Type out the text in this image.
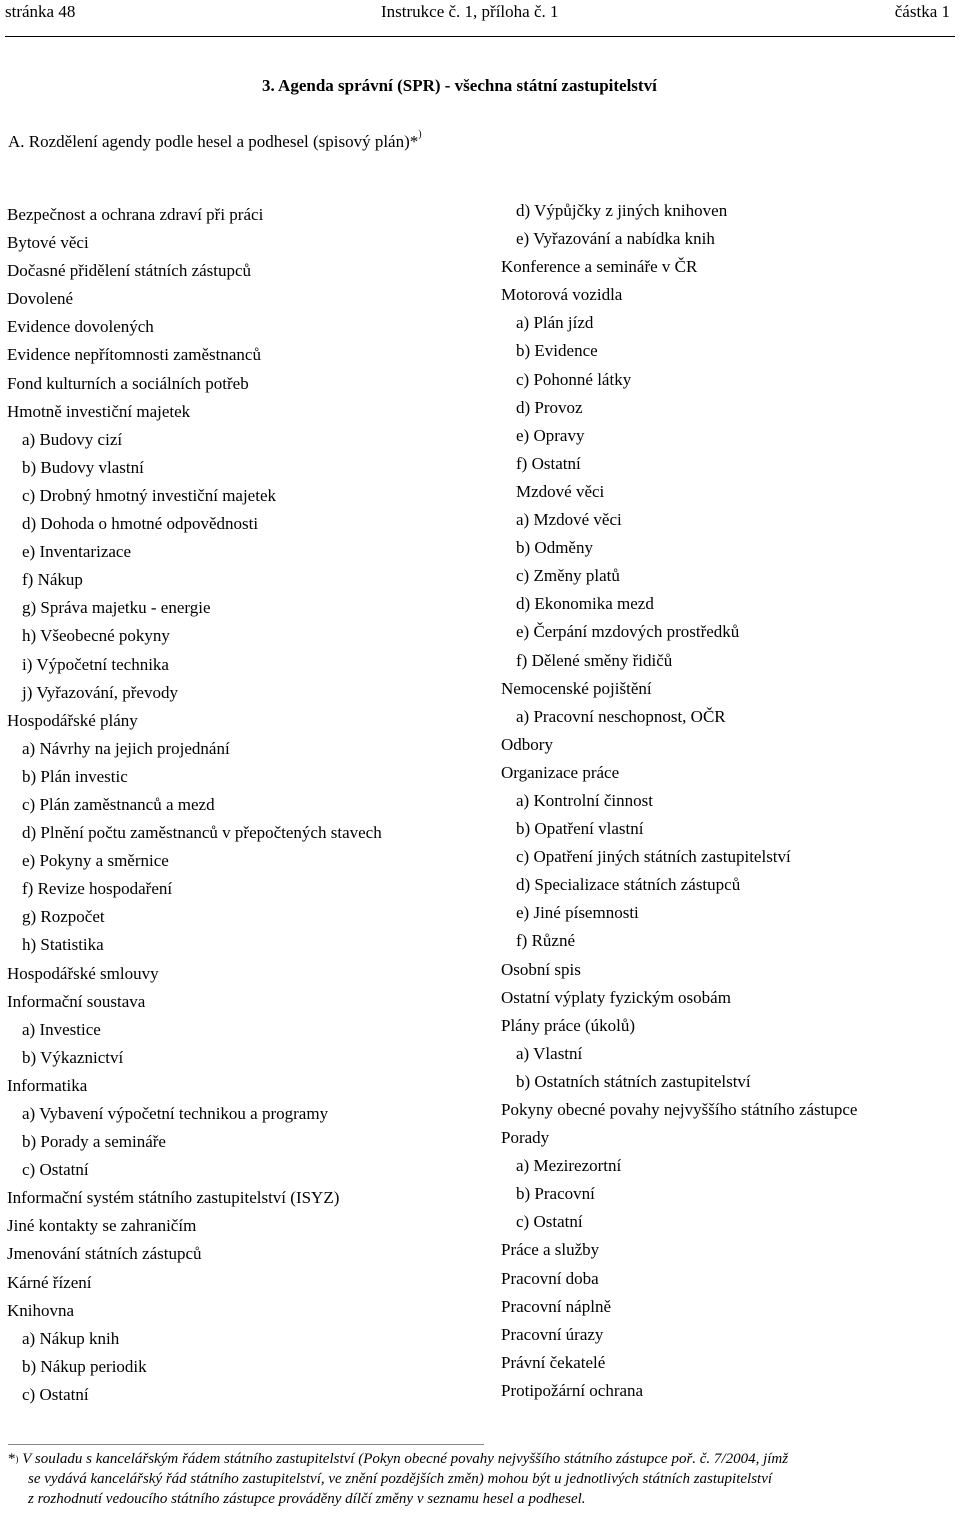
stránka 48	Instrukce č. 1, příloha č. 1	částka 1
3. Agenda správní (SPR) - všechna státní zastupitelství
A. Rozdělení agendy podle hesel a podhesel (spisový plán)*)
Bezpečnost a ochrana zdraví při práci
Bytové věci
Dočasné přidělení státních zástupců
Dovolené
Evidence dovolených
Evidence nepřítomnosti zaměstnanců
Fond kulturních a sociálních potřeb
Hmotně investiční majetek
a) Budovy cizí
b) Budovy vlastní
c) Drobný hmotný investiční majetek
d) Dohoda o hmotné odpovědnosti
e) Inventarizace
f) Nákup
g) Správa majetku - energie
h) Všeobecné pokyny
i) Výpočetní technika
j) Vyřazování, převody
Hospodářské plány
a) Návrhy na jejich projednání
b) Plán investic
c) Plán zaměstnanců a mezd
d) Plnění počtu zaměstnanců v přepočtených stavech
e) Pokyny a směrnice
f) Revize hospodaření
g) Rozpočet
h) Statistika
Hospodářské smlouvy
Informační soustava
a) Investice
b) Výkaznictví
Informatika
a) Vybavení výpočetní technikou a programy
b) Porady a semináře
c) Ostatní
Informační systém státního zastupitelství (ISYZ)
Jiné kontakty se zahraničím
Jmenování státních zástupců
Kárné řízení
Knihovna
a) Nákup knih
b) Nákup periodik
c) Ostatní
d) Výpůjčky z jiných knihoven
e) Vyřazování a nabídka knih
Konference a semináře v ČR
Motorová vozidla
a) Plán jízd
b) Evidence
c) Pohonné látky
d) Provoz
e) Opravy
f) Ostatní
Mzdové věci
a) Mzdové věci
b) Odměny
c) Změny platů
d) Ekonomika mezd
e) Čerpání mzdových prostředků
f) Dělené směny řidičů
Nemocenské pojištění
a) Pracovní neschopnost, OČR
Odbory
Organizace práce
a) Kontrolní činnost
b) Opatření vlastní
c) Opatření jiných státních zastupitelství
d) Specializace státních zástupců
e) Jiné písemnosti
f) Různé
Osobní spis
Ostatní výplaty fyzickým osobám
Plány práce (úkolů)
a) Vlastní
b) Ostatních státních zastupitelství
Pokyny obecné povahy nejvyššího státního zástupce
Porady
a) Mezirezortní
b) Pracovní
c) Ostatní
Práce a služby
Pracovní doba
Pracovní náplně
Pracovní úrazy
Právní čekatelé
Protipožární ochrana
*) V souladu s kancelářským řádem státního zastupitelství (Pokyn obecné povahy nejvyššího státního zástupce poř. č. 7/2004, jímž
se vydává kancelářský řád státního zastupitelství, ve znění pozdějších změn) mohou být u jednotlivých státních zastupitelství
z rozhodnutí vedoucího státního zástupce prováděny dílčí změny v seznamu hesel a podhesel.
